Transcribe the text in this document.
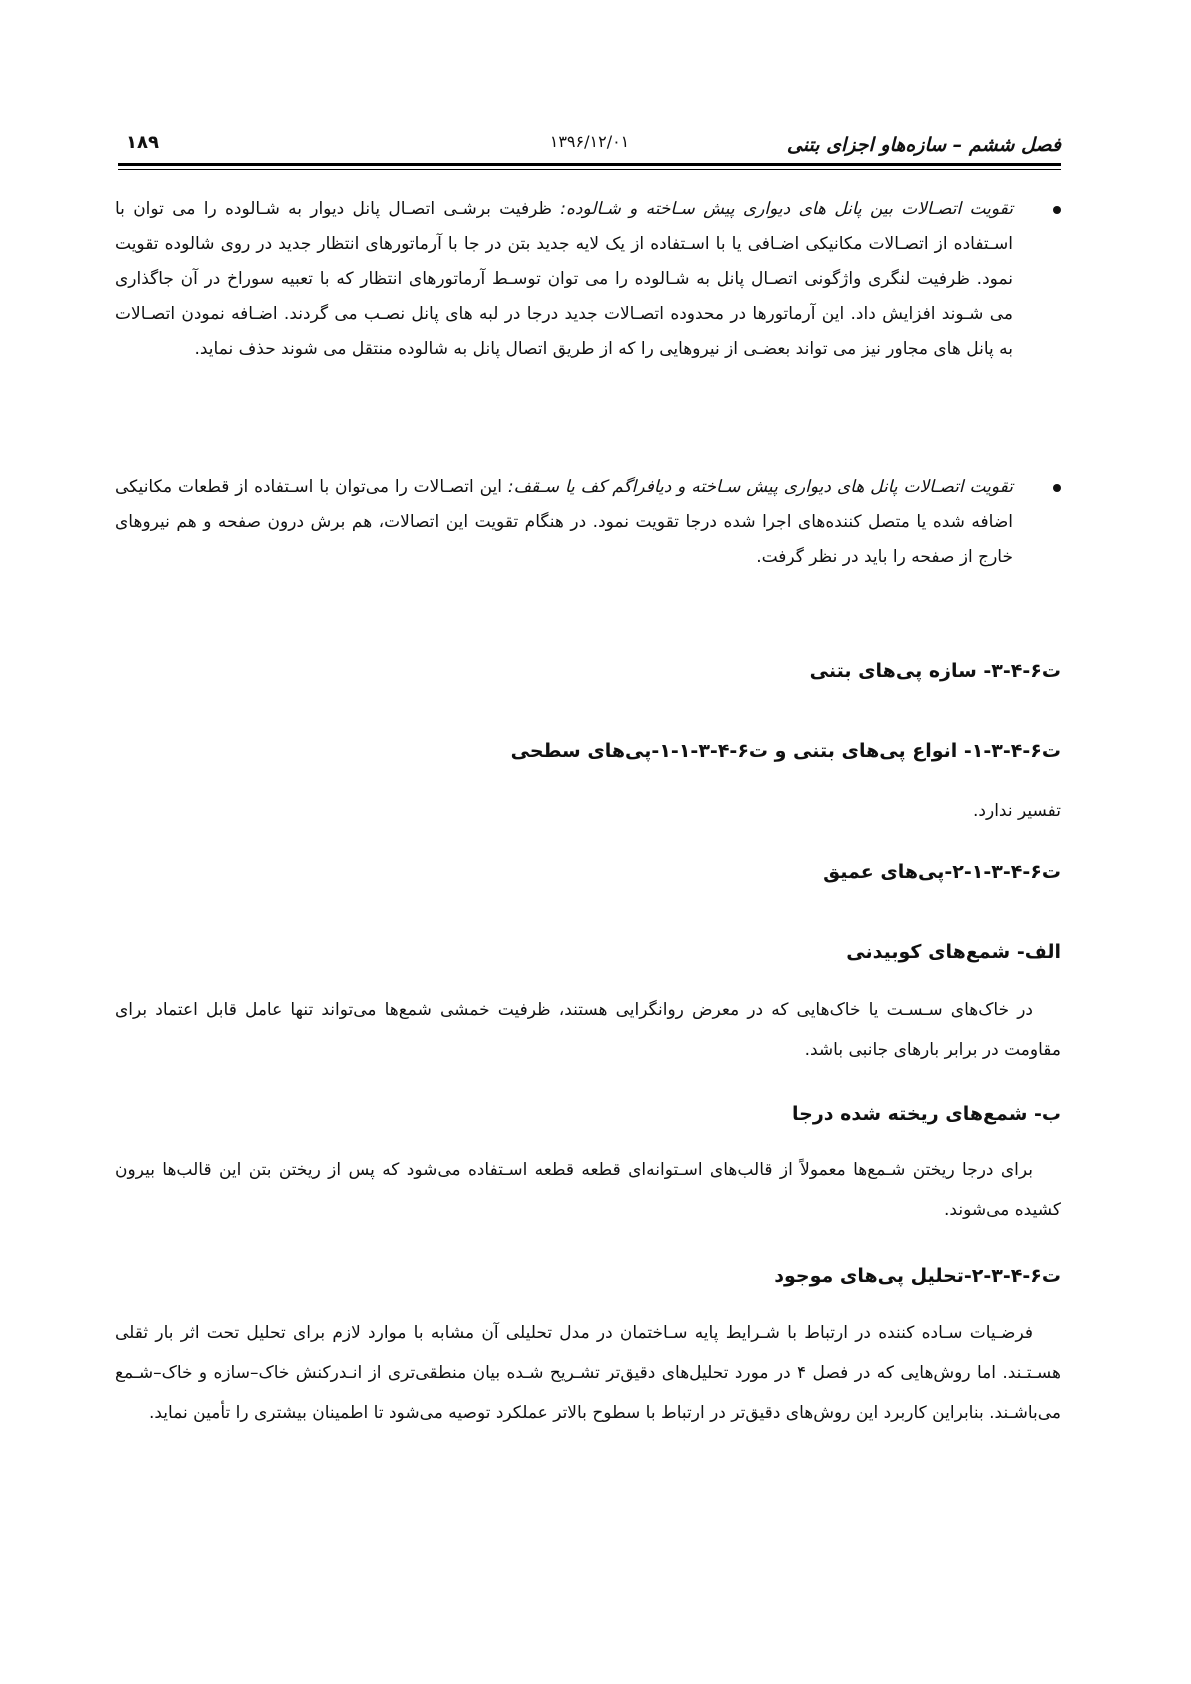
فصل ششم – سازه‌هاو اجزای بتنی
۱۳۹۶/۱۲/۰۱
۱۸۹
تقویت اتصـالات بین پانل های دیواری پیش سـاخته و شـالوده: ظرفیت برشـی اتصـال پانل دیوار به شـالوده را می توان با اسـتفاده از اتصـالات مکانیکی اضـافی یا با اسـتفاده از یک لایه جدید بتن در جا با آرماتورهای انتظار جدید در روی شالوده تقویت نمود. ظرفیت لنگری واژگونی اتصـال پانل به شـالوده را می توان توسـط آرماتورهای انتظار که با تعبیه سوراخ در آن جاگذاری می شـوند افزایش داد. این آرماتورها در محدوده اتصـالات جدید درجا در لبه های پانل نصـب می گردند. اضـافه نمودن اتصـالات به پانل های مجاور نیز می تواند بعضـی از نیروهایی را که از طریق اتصال پانل به شالوده منتقل می شوند حذف نماید.
تقویت اتصـالات پانل های دیواری پیش سـاخته و دیافراگم کف یا سـقف: این اتصـالات را می‌توان با اسـتفاده از قطعات مکانیکی اضافه شده یا متصل کننده‌های اجرا شده درجا تقویت نمود. در هنگام تقویت این اتصالات، هم برش درون صفحه و هم نیروهای خارج از صفحه را باید در نظر گرفت.
ت۶-۴-۳- سازه پی‌های بتنی
ت۶-۴-۳-۱- انواع پی‌های بتنی و ت۶-۴-۳-۱-۱-پی‌های سطحی
تفسیر ندارد.
ت۶-۴-۳-۱-۲-پی‌های عمیق
الف- شمع‌های کوبیدنی
در خاک‌های سـسـت یا خاک‌هایی که در معرض روانگرایی هستند، ظرفیت خمشی شمع‌ها می‌تواند تنها عامل قابل اعتماد برای مقاومت در برابر بارهای جانبی باشد.
ب- شمع‌های ریخته شده درجا
برای درجا ریختن شـمع‌ها معمولاً از قالب‌های اسـتوانه‌ای قطعه قطعه اسـتفاده می‌شود که پس از ریختن بتن این قالب‌ها بیرون کشیده می‌شوند.
ت۶-۴-۳-۲-تحلیل پی‌های موجود
فرضـیات سـاده کننده در ارتباط با شـرایط پایه سـاختمان در مدل تحلیلی آن مشابه با موارد لازم برای تحلیل تحت اثر بار ثقلی هسـتـند. اما روش‌هایی که در فصل ۴ در مورد تحلیل‌های دقیق‌تر تشـریح شـده بیان منطقی‌تری از انـدرکنش خاک–سازه و خاک–شـمع می‌باشـند. بنابراین کاربرد این روش‌های دقیق‌تر در ارتباط با سطوح بالاتر عملکرد توصیه می‌شود تا اطمینان بیشتری را تأمین نماید.
